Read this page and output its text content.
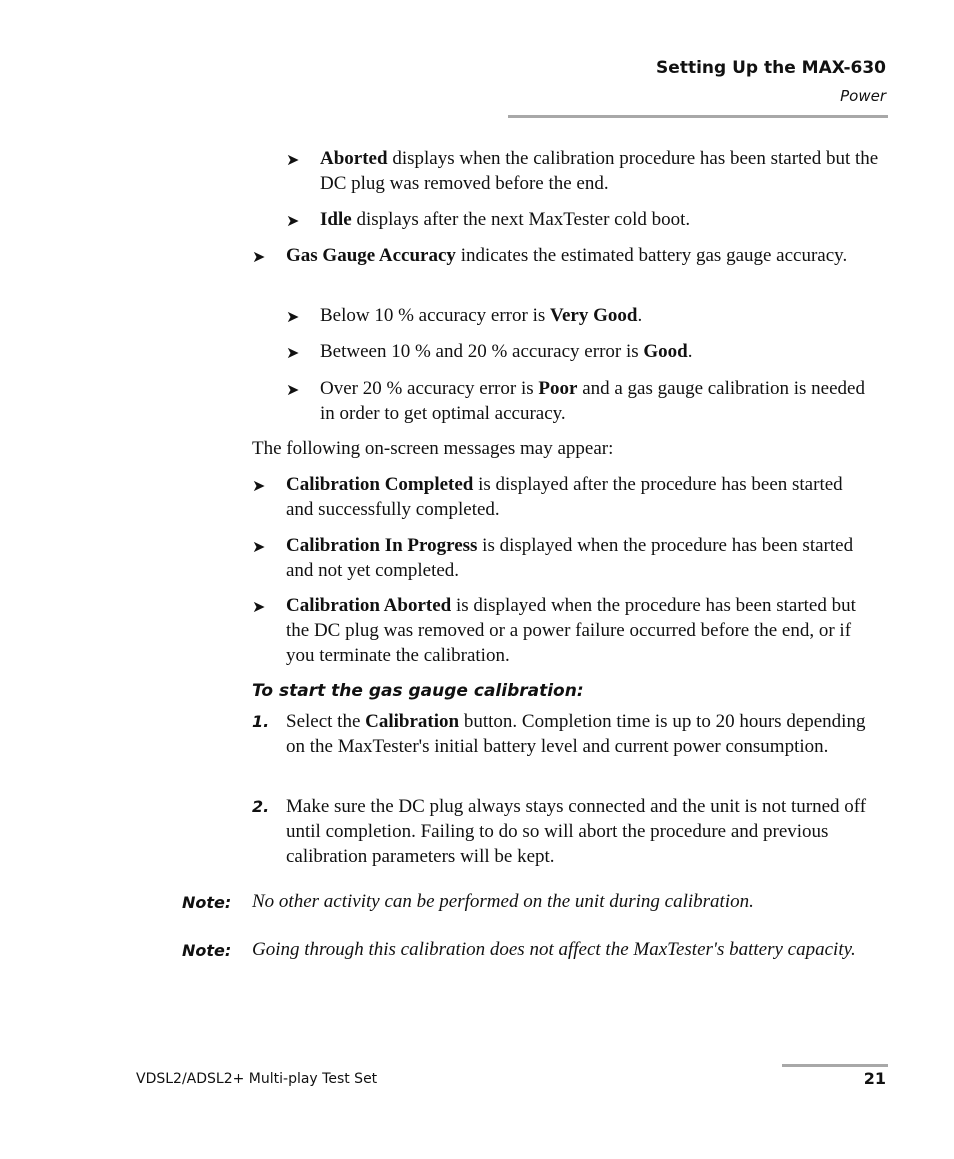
Setting Up the MAX-630
Power
➤ Aborted displays when the calibration procedure has been started but the DC plug was removed before the end.
➤ Idle displays after the next MaxTester cold boot.
➤ Gas Gauge Accuracy indicates the estimated battery gas gauge accuracy.
➤ Below 10 % accuracy error is Very Good.
➤ Between 10 % and 20 % accuracy error is Good.
➤ Over 20 % accuracy error is Poor and a gas gauge calibration is needed in order to get optimal accuracy.
The following on-screen messages may appear:
➤ Calibration Completed is displayed after the procedure has been started and successfully completed.
➤ Calibration In Progress is displayed when the procedure has been started and not yet completed.
➤ Calibration Aborted is displayed when the procedure has been started but the DC plug was removed or a power failure occurred before the end, or if you terminate the calibration.
To start the gas gauge calibration:
1. Select the Calibration button. Completion time is up to 20 hours depending on the MaxTester's initial battery level and current power consumption.
2. Make sure the DC plug always stays connected and the unit is not turned off until completion. Failing to do so will abort the procedure and previous calibration parameters will be kept.
Note: No other activity can be performed on the unit during calibration.
Note: Going through this calibration does not affect the MaxTester's battery capacity.
VDSL2/ADSL2+ Multi-play Test Set	21
